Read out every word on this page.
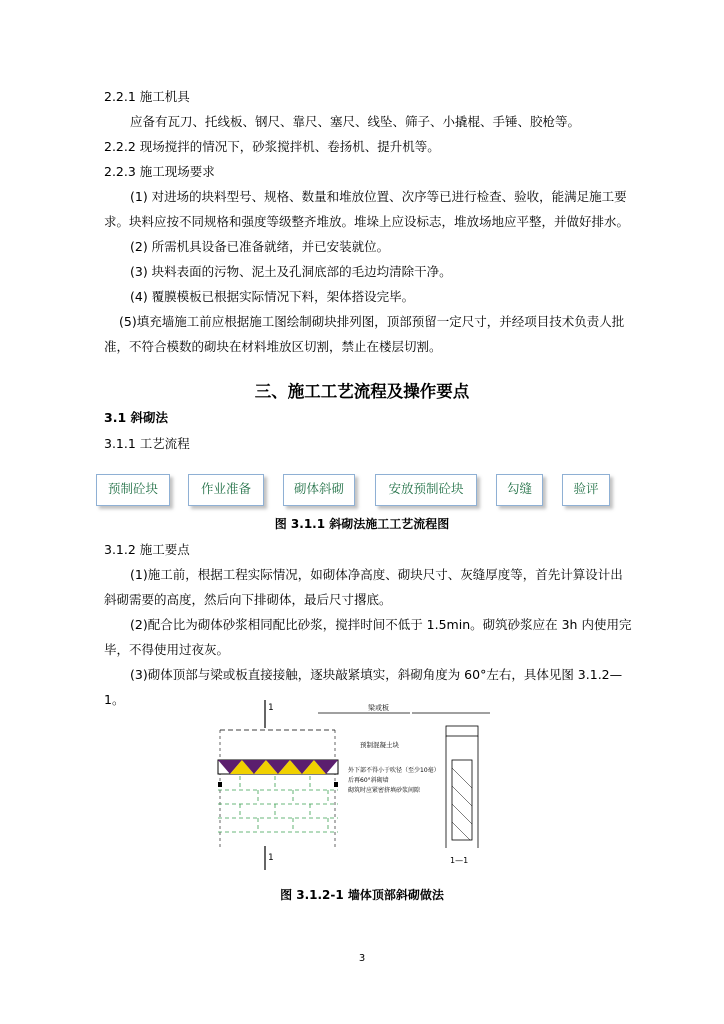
2.2.1 施工机具
应备有瓦刀、托线板、钢尺、靠尺、塞尺、线坠、筛子、小撬棍、手锤、胶枪等。
2.2.2 现场搅拌的情况下，砂浆搅拌机、卷扬机、提升机等。
2.2.3 施工现场要求
(1) 对进场的块料型号、规格、数量和堆放位置、次序等已进行检查、验收，能满足施工要
求。块料应按不同规格和强度等级整齐堆放。堆垛上应设标志，堆放场地应平整，并做好排水。
(2) 所需机具设备已准备就绪，并已安装就位。
(3) 块料表面的污物、泥土及孔洞底部的毛边均清除干净。
(4) 覆膜模板已根据实际情况下料，架体搭设完毕。
(5)填充墙施工前应根据施工图绘制砌块排列图，顶部预留一定尺寸，并经项目技术负责人批
准，不符合模数的砌块在材料堆放区切割，禁止在楼层切割。
三、施工工艺流程及操作要点
3.1 斜砌法
3.1.1 工艺流程
预制砼块	作业准备	砌体斜砌	安放预制砼块	勾缝	验评
图 3.1.1 斜砌法施工工艺流程图
3.1.2 施工要点
(1)施工前，根据工程实际情况，如砌体净高度、砌块尺寸、灰缝厚度等，首先计算设计出
斜砌需要的高度，然后向下排砌体，最后尺寸撂底。
(2)配合比为砌体砂浆相同配比砂浆，搅拌时间不低于 1.5min。砌筑砂浆应在 3h 内使用完
毕，不得使用过夜灰。
(3)砌体顶部与梁或板直接接触，逐块敲紧填实，斜砌角度为 60°左右，具体见图 3.1.2—
1。
1
1
梁或板
预制混凝土块
外下部不得小于吹径（至少10毫）
后再60°斜砌墙
砌筑时应紧密挤填砂浆间隙
1—1
图 3.1.2-1 墙体顶部斜砌做法
3
